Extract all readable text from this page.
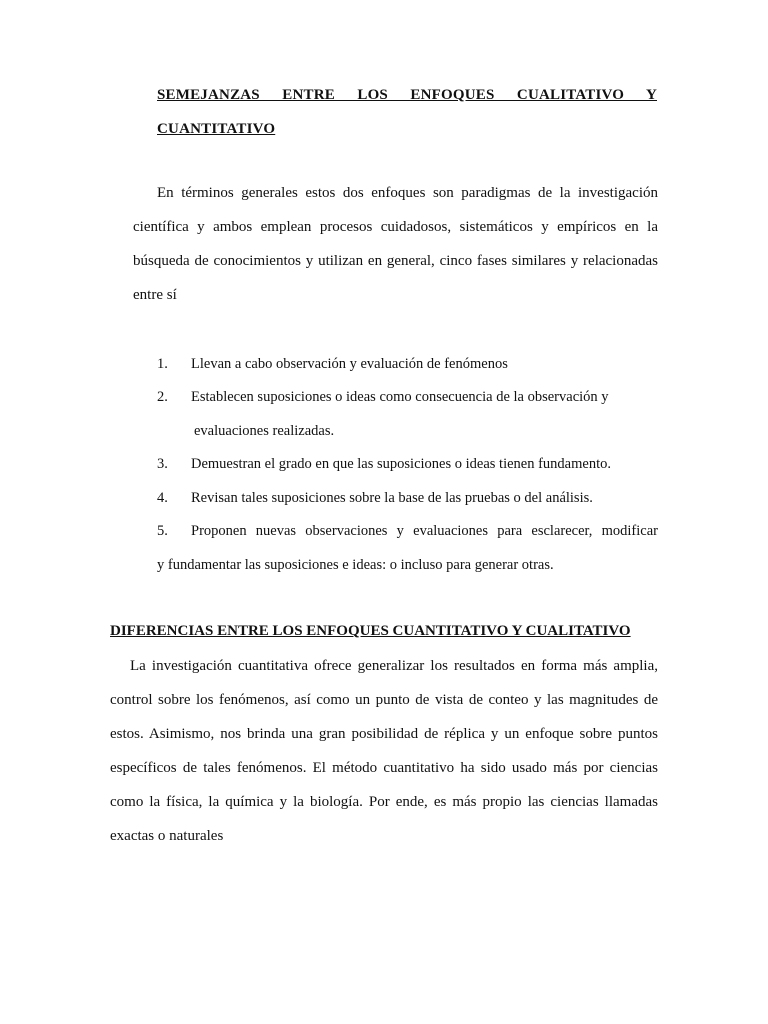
SEMEJANZAS ENTRE LOS ENFOQUES CUALITATIVO Y
CUANTITATIVO

En términos generales estos dos enfoques son paradigmas de la investigación científica y ambos emplean procesos cuidadosos, sistemáticos y empíricos en la búsqueda de conocimientos y utilizan en general, cinco fases similares y relacionadas entre sí

1. Llevan a cabo observación y evaluación de fenómenos
2. Establecen suposiciones o ideas como consecuencia de la observación y
evaluaciones realizadas.
3. Demuestran el grado en que las suposiciones o ideas tienen fundamento.
4. Revisan tales suposiciones sobre la base de las pruebas o del análisis.
5. Proponen nuevas observaciones y evaluaciones para esclarecer, modificar
y fundamentar las suposiciones e ideas: o incluso para generar otras.
DIFERENCIAS ENTRE LOS ENFOQUES CUANTITATIVO Y CUALITATIVO

La investigación cuantitativa ofrece generalizar los resultados en forma más amplia, control sobre los fenómenos, así como un punto de vista de conteo y las magnitudes de estos. Asimismo, nos brinda una gran posibilidad de réplica y un enfoque sobre puntos específicos de tales fenómenos. El método cuantitativo ha sido usado más por ciencias como la física, la química y la biología. Por ende, es más propio las ciencias llamadas exactas o naturales
